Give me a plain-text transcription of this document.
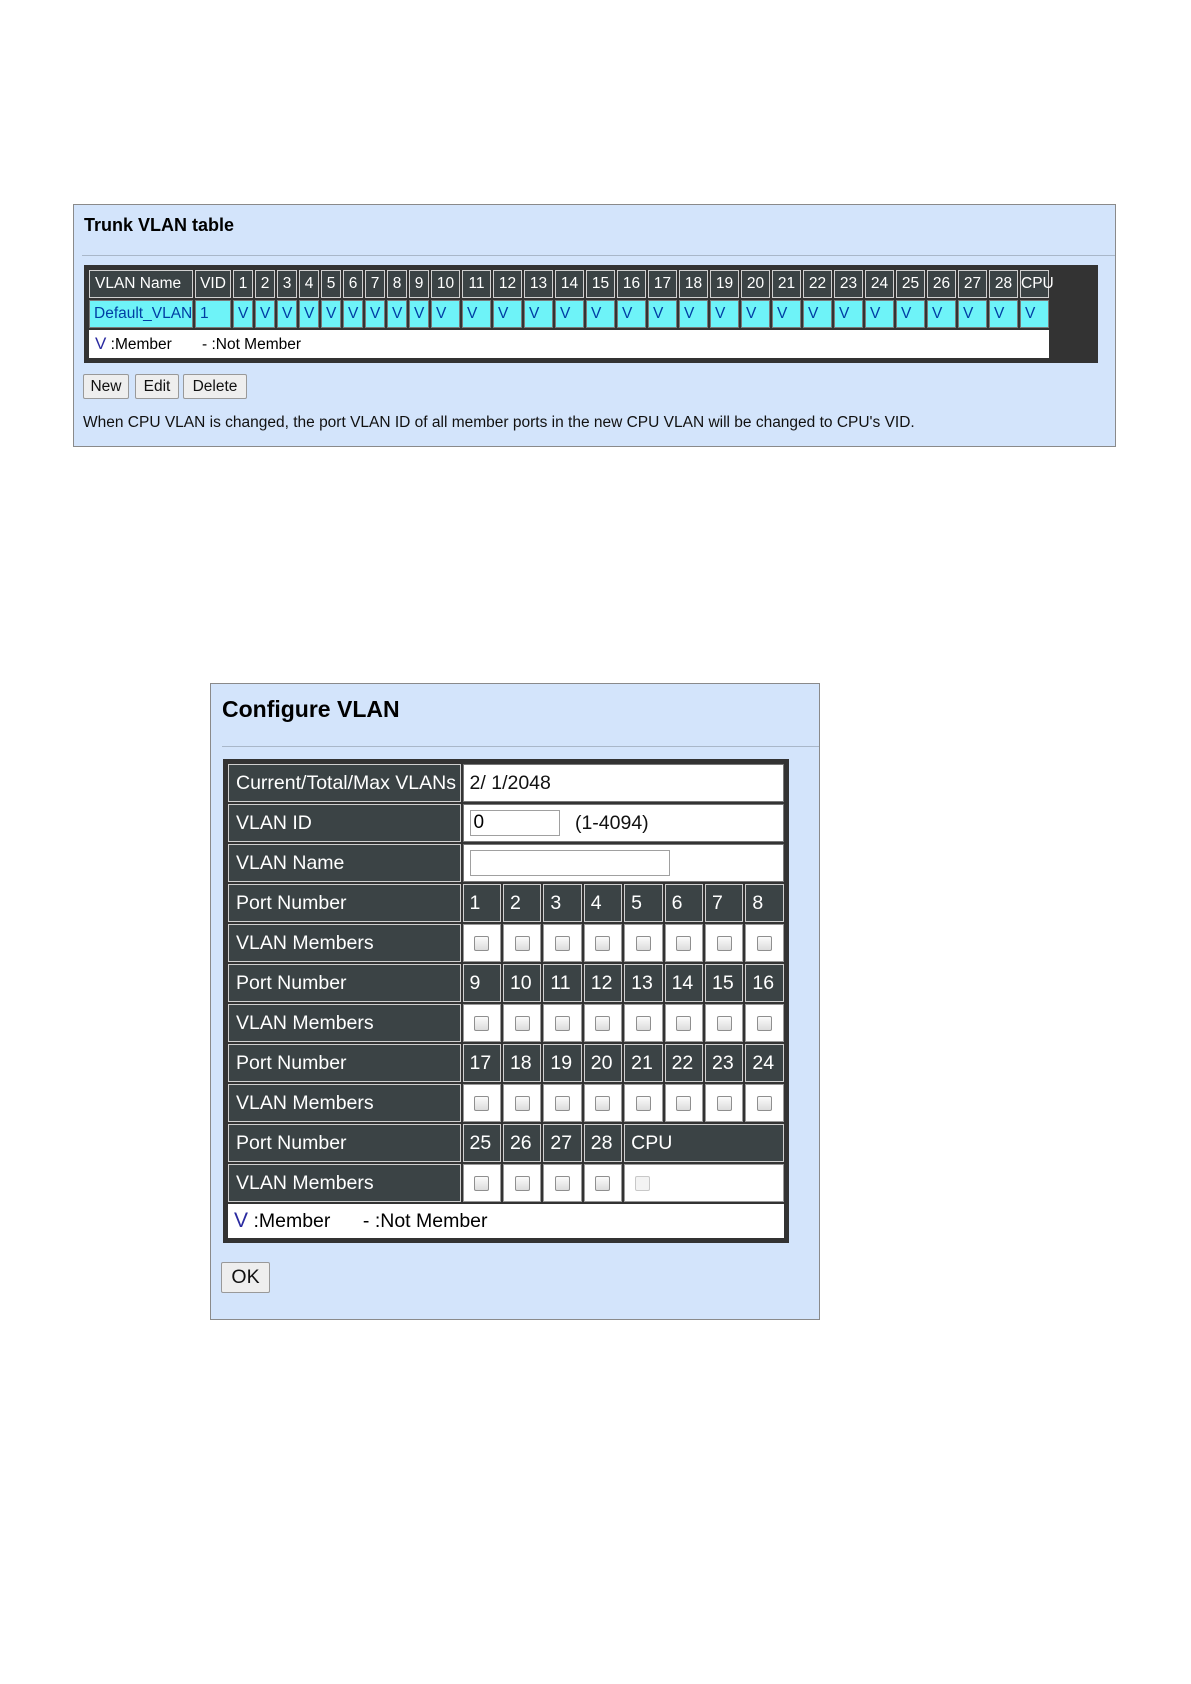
Trunk VLAN table
VLAN Name	VID	1	2	3	4	5	6	7	8	9	10	11	12	13	14	15	16	17	18	19	20	21	22	23	24	25	26	27	28	CPU
Default_VLAN	1	V	V	V	V	V	V	V	V	V	V	V	V	V	V	V	V	V	V	V	V	V	V	V	V	V	V	V	V	V
V :Member - :Not Member																														
New	Edit	Delete
When CPU VLAN is changed, the port VLAN ID of all member ports in the new CPU VLAN will be changed to CPU's VID.
Configure VLAN
Current/Total/Max VLANs	2/ 1/2048							
VLAN ID	0(1-4094)
VLAN Name	
Port Number	1	2	3	4	5	6	7	8
VLAN Members								
Port Number	9	10	11	12	13	14	15	16
VLAN Members								
Port Number	17	18	19	20	21	22	23	24
VLAN Members								
Port Number	25	26	27	28	CPU			
VLAN Members								
V :Member - :Not Member								
OK
